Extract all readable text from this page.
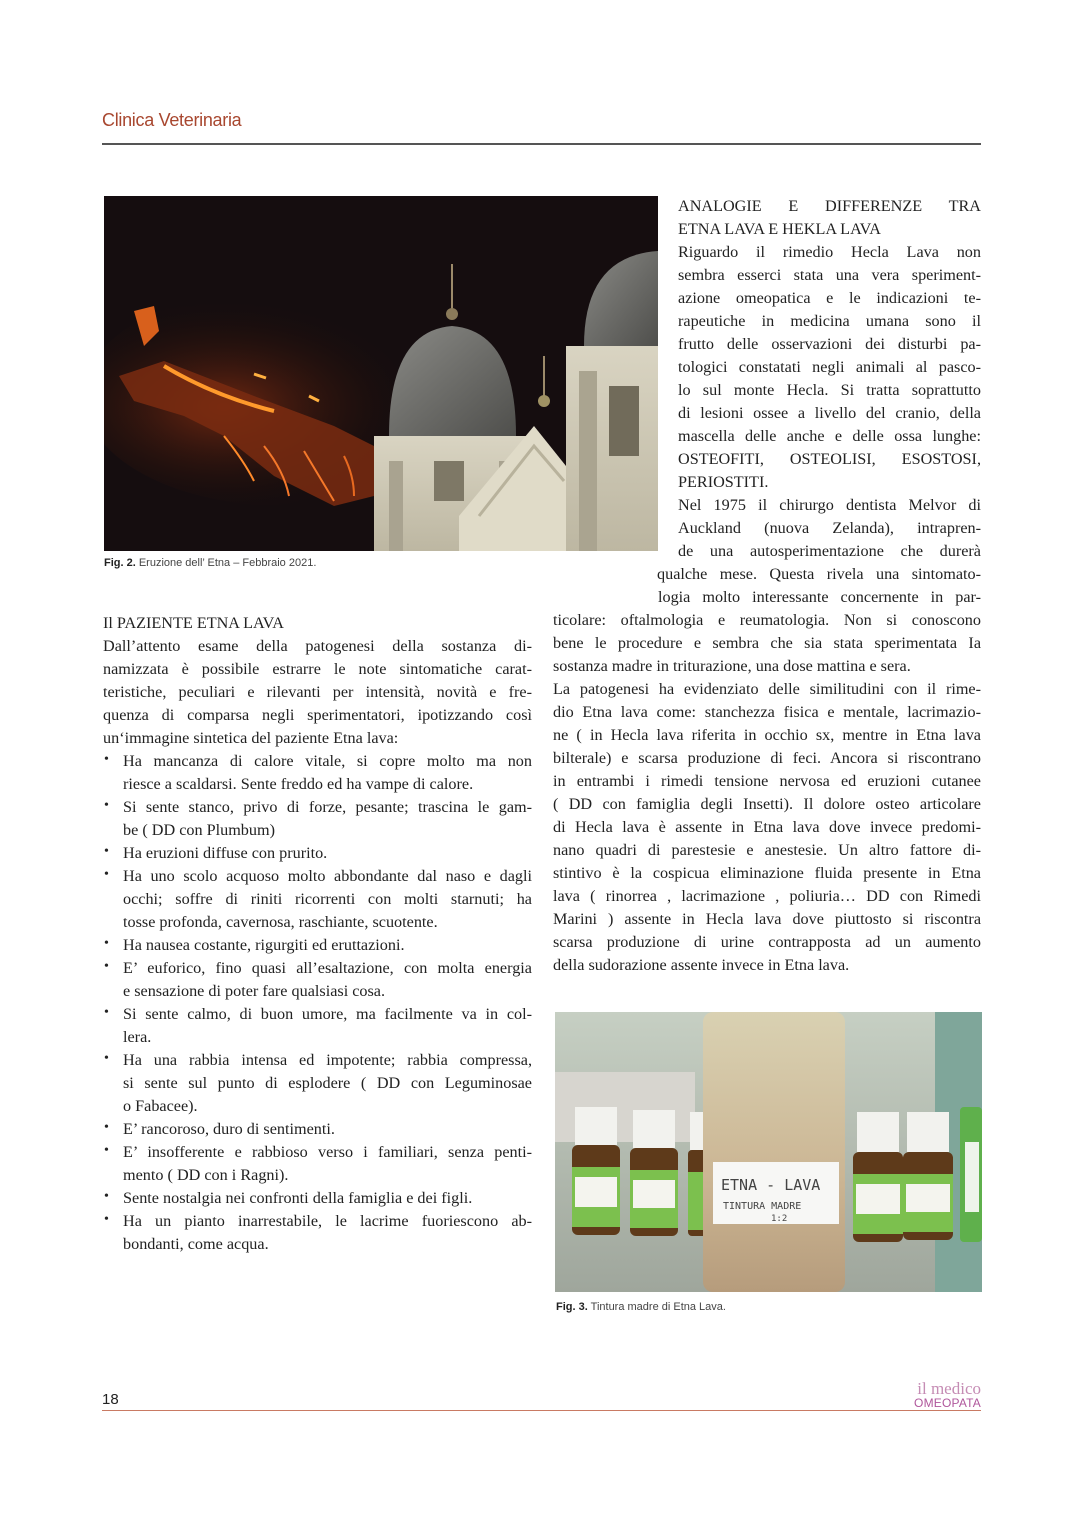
Clinica Veterinaria
Fig. 2. Eruzione dell’ Etna – Febbraio 2021.
Il PAZIENTE ETNA LAVA
Dall’attento esame della patogenesi della sostanza di-
namizzata è possibile estrarre le note sintomatiche carat-
teristiche, peculiari e rilevanti per intensità, novità e fre-
quenza di comparsa negli sperimentatori, ipotizzando così
un‘immagine sintetica del paziente Etna lava:
• Ha mancanza di calore vitale, si copre molto ma non
riesce a scaldarsi. Sente freddo ed ha vampe di calore.
• Si sente stanco, privo di forze, pesante; trascina le gam-
be ( DD con Plumbum)
• Ha eruzioni diffuse con prurito.
• Ha uno scolo acquoso molto abbondante dal naso e dagli
occhi; soffre di riniti ricorrenti con molti starnuti; ha
tosse profonda, cavernosa, raschiante, scuotente.
• Ha nausea costante, rigurgiti ed eruttazioni.
• E’ euforico, fino quasi all’esaltazione, con molta energia
e sensazione di poter fare qualsiasi cosa.
• Si sente calmo, di buon umore, ma facilmente va in col-
lera.
• Ha una rabbia intensa ed impotente; rabbia compressa,
si sente sul punto di esplodere ( DD con Leguminosae
o Fabacee).
• E’ rancoroso, duro di sentimenti.
• E’ insofferente e rabbioso verso i familiari, senza penti-
mento ( DD con i Ragni).
• Sente nostalgia nei confronti della famiglia e dei figli.
• Ha un pianto inarrestabile, le lacrime fuoriescono ab-
bondanti, come acqua.
ANALOGIE E DIFFERENZE TRA
ETNA LAVA E HEKLA LAVA
Riguardo il rimedio Hecla Lava non
sembra esserci stata una vera speriment-
azione omeopatica e le indicazioni te-
rapeutiche in medicina umana sono il
frutto delle osservazioni dei disturbi pa-
tologici constatati negli animali al pasco-
lo sul monte Hecla. Si tratta soprattutto
di lesioni ossee a livello del cranio, della
mascella delle anche e delle ossa lunghe:
OSTEOFITI, OSTEOLISI, ESOSTOSI,
PERIOSTITI.
Nel 1975 il chirurgo dentista Melvor di
Auckland (nuova Zelanda), intrapren-
de una autosperimentazione che durerà
qualche mese. Questa rivela una sintomato-
logia molto interessante concernente in par-
ticolare: oftalmologia e reumatologia. Non si conoscono
bene le procedure e sembra che sia stata sperimentata Ia
sostanza madre in triturazione, una dose mattina e sera.
La patogenesi ha evidenziato delle similitudini con il rime-
dio Etna lava come: stanchezza fisica e mentale, lacrimazio-
ne ( in Hecla lava riferita in occhio sx, mentre in Etna lava
bilterale) e scarsa produzione di feci. Ancora si riscontrano
in entrambi i rimedi tensione nervosa ed eruzioni cutanee
( DD con famiglia degli Insetti). Il dolore osteo articolare
di Hecla lava è assente in Etna lava dove invece predomi-
nano quadri di parestesie e anestesie. Un altro fattore di-
stintivo è la cospicua eliminazione fluida presente in Etna
lava ( rinorrea , lacrimazione , poliuria… DD con Rimedi
Marini ) assente in Hecla lava dove piuttosto si riscontra
scarsa produzione di urine contrapposta ad un aumento
della sudorazione assente invece in Etna lava.
ETNA - LAVA
TINTURA MADRE
1:2
Fig. 3. Tintura madre di Etna Lava.
18
il medico
OMEOPATA
